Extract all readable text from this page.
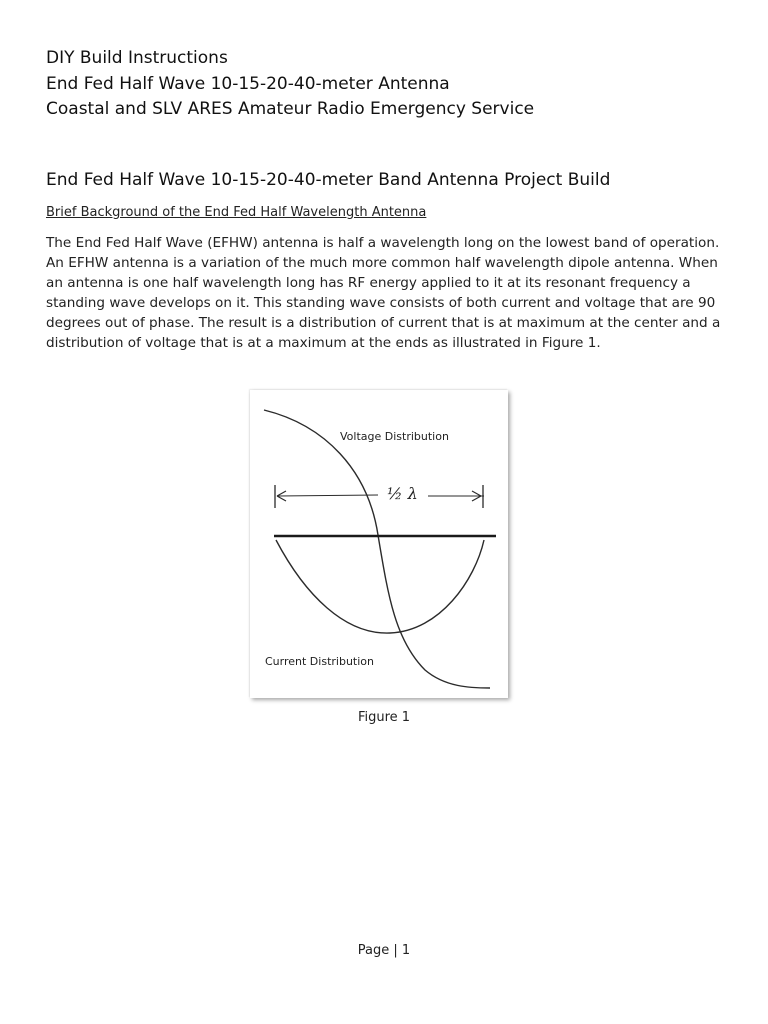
DIY Build Instructions
End Fed Half Wave 10-15-20-40-meter Antenna
Coastal and SLV ARES Amateur Radio Emergency Service
End Fed Half Wave 10-15-20-40-meter Band Antenna Project Build
Brief Background of the End Fed Half Wavelength Antenna

The End Fed Half Wave (EFHW) antenna is half a wavelength long on the lowest band of operation. An EFHW antenna is a variation of the much more common half wavelength dipole antenna. When an antenna is one half wavelength long has RF energy applied to it at its resonant frequency a standing wave develops on it. This standing wave consists of both current and voltage that are 90 degrees out of phase. The result is a distribution of current that is at maximum at the center and a distribution of voltage that is at a maximum at the ends as illustrated in Figure 1.

Voltage Distribution
½ λ
Current Distribution
Figure 1
Page | 1
